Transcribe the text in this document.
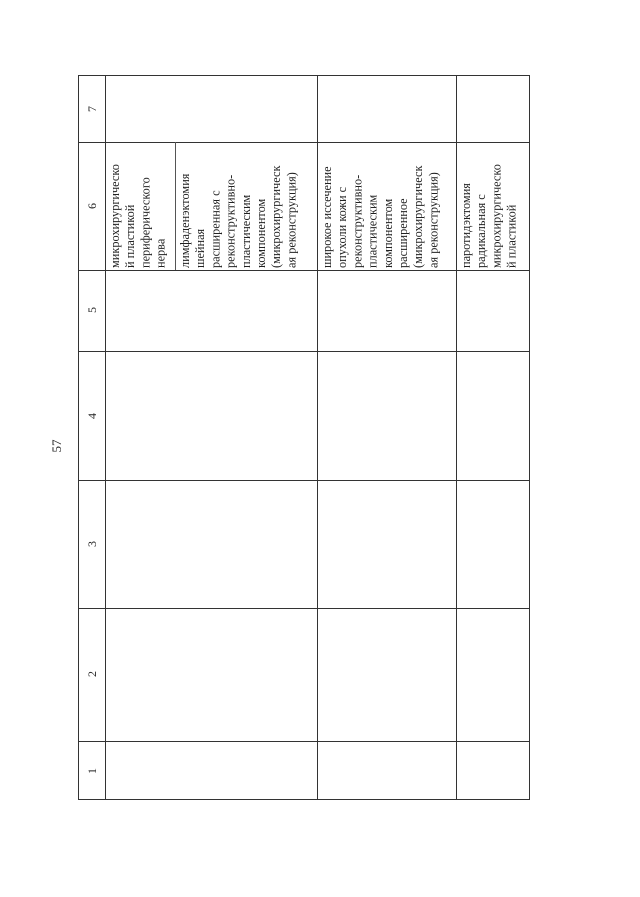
57
7
6
5
4
3
2
1
микрохирургическо й пластикой периферического нерва лимфаденэктомия шейная расширенная с реконструктивно- пластическим компонентом (микрохирургическ ая реконструкция) широкое иссечение опухоли кожи с реконструктивно- пластическим компонентом расширенное (микрохирургическ ая реконструкция) паротидэктомия радикальная с микрохирургическо й пластикой
